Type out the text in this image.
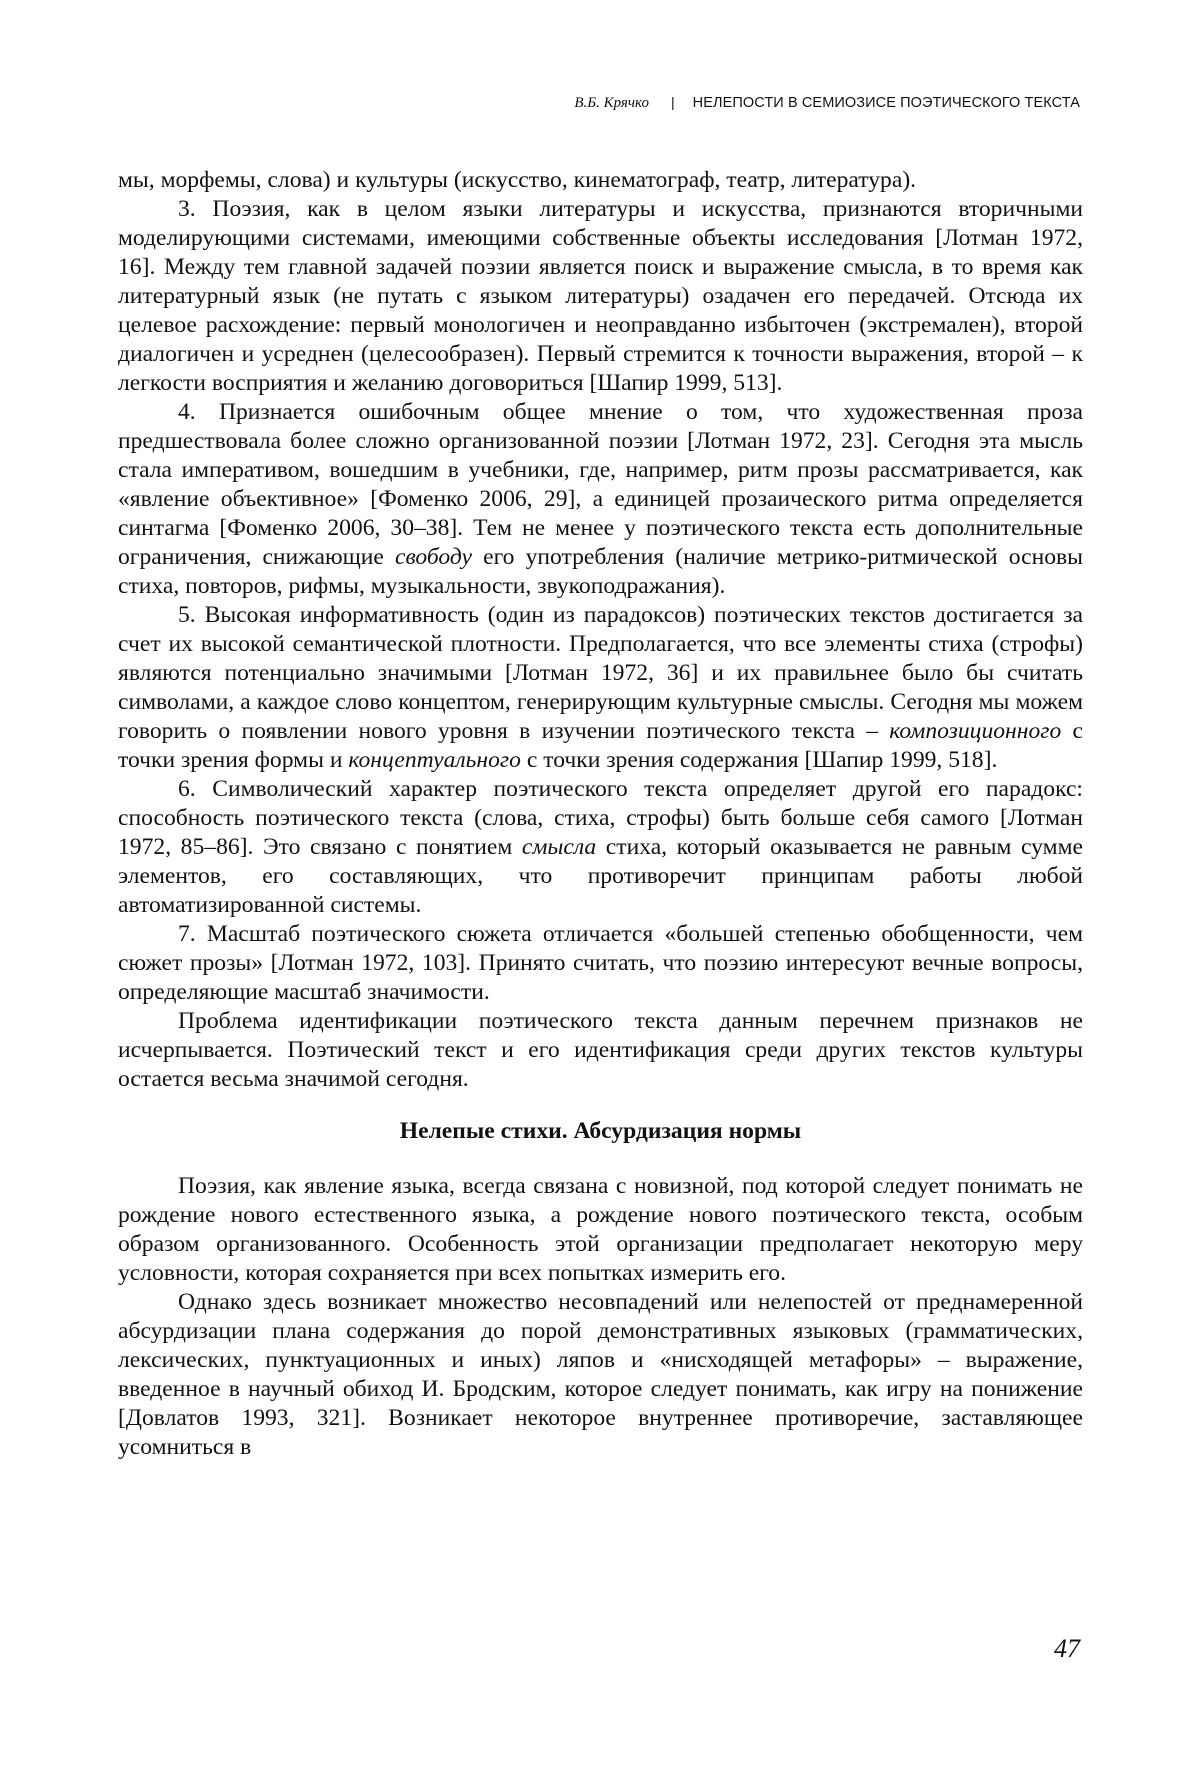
В.Б. Крячко | НЕЛЕПОСТИ В СЕМИОЗИСЕ ПОЭТИЧЕСКОГО ТЕКСТА

мы, морфемы, слова) и культуры (искусство, кинематограф, театр, литература).

3. Поэзия, как в целом языки литературы и искусства, признаются вторичными моделирующими системами, имеющими собственные объекты исследования [Лотман 1972, 16]. Между тем главной задачей поэзии является поиск и выражение смысла, в то время как литературный язык (не путать с языком литературы) озадачен его передачей. Отсюда их целевое расхождение: первый монологичен и неоправданно избыточен (экстремален), второй диалогичен и усреднен (целесообразен). Первый стремится к точности выражения, второй – к легкости восприятия и желанию договориться [Шапир 1999, 513].

4. Признается ошибочным общее мнение о том, что художественная проза предшествовала более сложно организованной поэзии [Лотман 1972, 23]. Сегодня эта мысль стала императивом, вошедшим в учебники, где, например, ритм прозы рассматривается, как «явление объективное» [Фоменко 2006, 29], а единицей прозаического ритма определяется синтагма [Фоменко 2006, 30–38]. Тем не менее у поэтического текста есть дополнительные ограничения, снижающие свободу его употребления (наличие метрико-ритмической основы стиха, повторов, рифмы, музыкальности, звукоподражания).

5. Высокая информативность (один из парадоксов) поэтических текстов достигается за счет их высокой семантической плотности. Предполагается, что все элементы стиха (строфы) являются потенциально значимыми [Лотман 1972, 36] и их правильнее было бы считать символами, а каждое слово концептом, генерирующим культурные смыслы. Сегодня мы можем говорить о появлении нового уровня в изучении поэтического текста – композиционного с точки зрения формы и концептуального с точки зрения содержания [Шапир 1999, 518].

6. Символический характер поэтического текста определяет другой его парадокс: способность поэтического текста (слова, стиха, строфы) быть больше себя самого [Лотман 1972, 85–86]. Это связано с понятием смысла стиха, который оказывается не равным сумме элементов, его составляющих, что противоречит принципам работы любой автоматизированной системы.

7. Масштаб поэтического сюжета отличается «большей степенью обобщенности, чем сюжет прозы» [Лотман 1972, 103]. Принято считать, что поэзию интересуют вечные вопросы, определяющие масштаб значимости.

Проблема идентификации поэтического текста данным перечнем признаков не исчерпывается. Поэтический текст и его идентификация среди других текстов культуры остается весьма значимой сегодня.

Нелепые стихи. Абсурдизация нормы

Поэзия, как явление языка, всегда связана с новизной, под которой следует понимать не рождение нового естественного языка, а рождение нового поэтического текста, особым образом организованного. Особенность этой организации предполагает некоторую меру условности, которая сохраняется при всех попытках измерить его.

Однако здесь возникает множество несовпадений или нелепостей от преднамеренной абсурдизации плана содержания до порой демонстративных языковых (грамматических, лексических, пунктуационных и иных) ляпов и «нисходящей метафоры» – выражение, введенное в научный обиход И. Бродским, которое следует понимать, как игру на понижение [Довлатов 1993, 321]. Возникает некоторое внутреннее противоречие, заставляющее усомниться в

47
